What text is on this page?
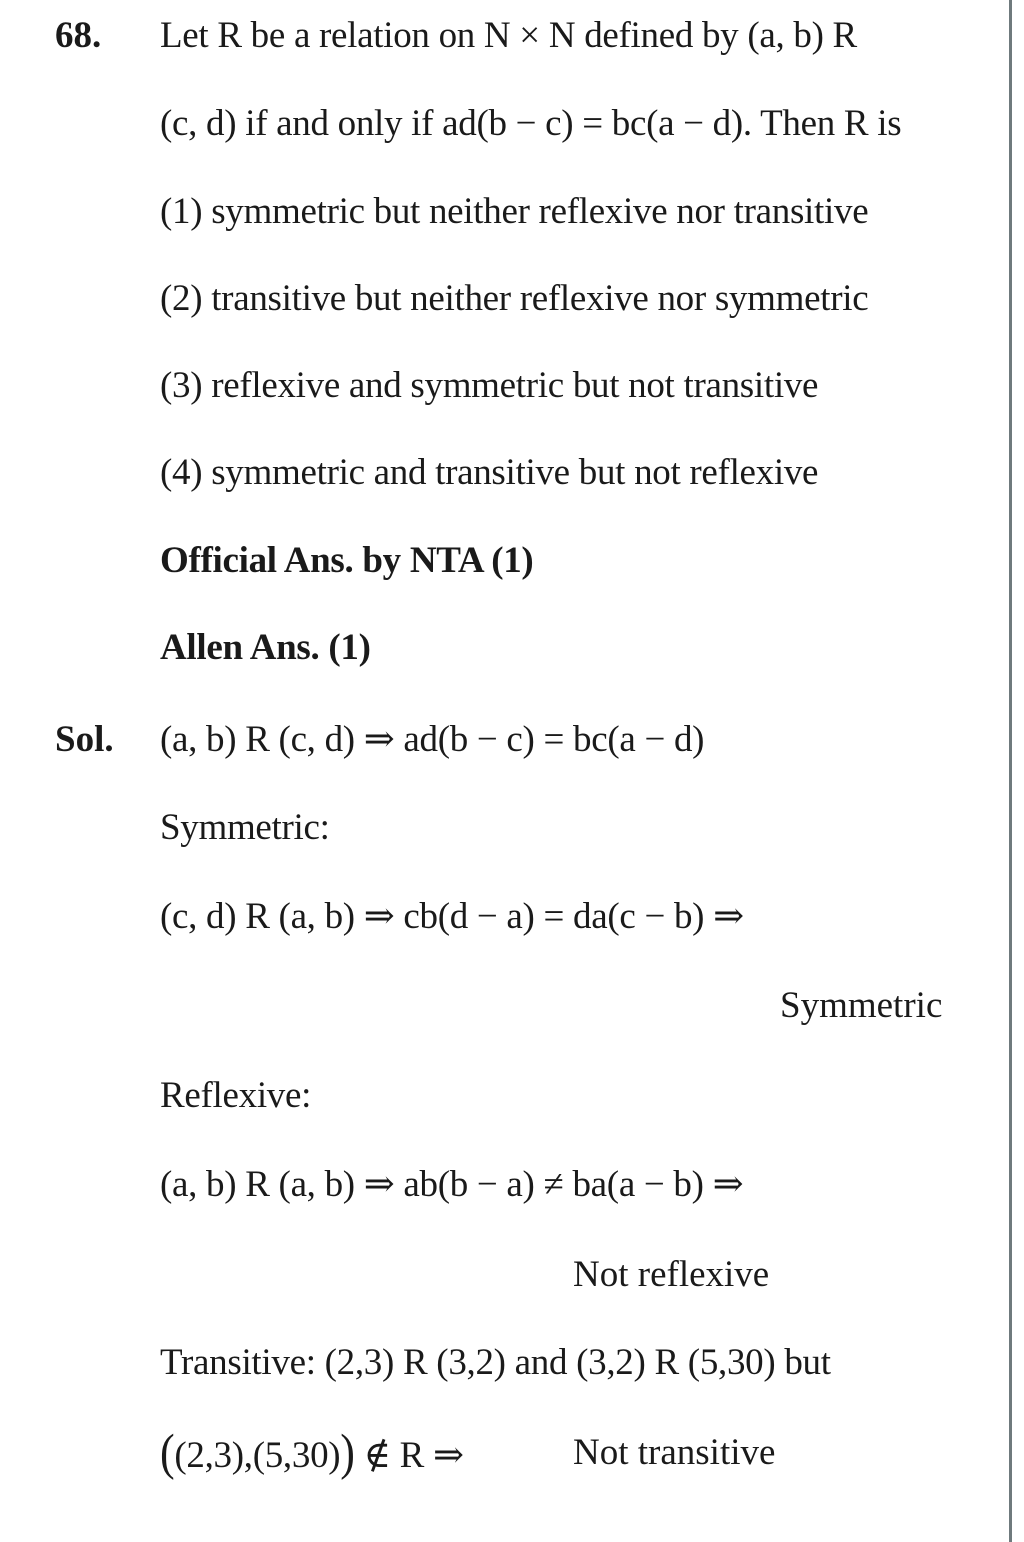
68. Let R be a relation on N × N defined by (a, b) R
(c, d) if and only if ad(b − c) = bc(a − d). Then R is
(1) symmetric but neither reflexive nor transitive
(2) transitive but neither reflexive nor symmetric
(3) reflexive and symmetric but not transitive
(4) symmetric and transitive but not reflexive
Official Ans. by NTA (1)
Allen Ans. (1)
Sol. (a, b) R (c, d) ⇒ ad(b − c) = bc(a − d)
Symmetric:
(c, d) R (a, b) ⇒ cb(d − a) = da(c − b) ⇒
Symmetric
Reflexive:
(a, b) R (a, b) ⇒ ab(b − a) ≠ ba(a − b) ⇒
Not reflexive
Transitive: (2,3) R (3,2) and (3,2) R (5,30) but
((2,3),(5,30)) ∉ R ⇒	Not transitive
